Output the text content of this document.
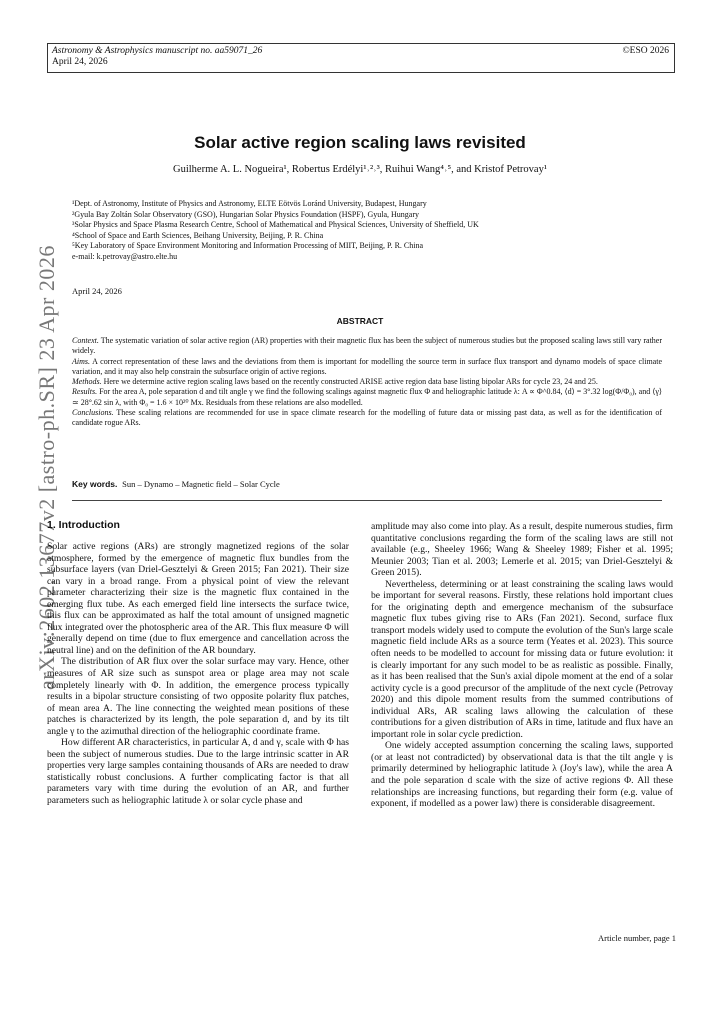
Astronomy & Astrophysics manuscript no. aa59071_26
April 24, 2026
©ESO 2026
arXiv:2602.13677v2 [astro-ph.SR] 23 Apr 2026
Solar active region scaling laws revisited
Guilherme A. L. Nogueira¹, Robertus Erdélyi¹˒²˒³, Ruihui Wang⁴˒⁵, and Kristof Petrovay¹
¹Dept. of Astronomy, Institute of Physics and Astronomy, ELTE Eötvös Loránd University, Budapest, Hungary
²Gyula Bay Zoltán Solar Observatory (GSO), Hungarian Solar Physics Foundation (HSPF), Gyula, Hungary
³Solar Physics and Space Plasma Research Centre, School of Mathematical and Physical Sciences, University of Sheffield, UK
⁴School of Space and Earth Sciences, Beihang University, Beijing, P. R. China
⁵Key Laboratory of Space Environment Monitoring and Information Processing of MIIT, Beijing, P. R. China
e-mail: k.petrovay@astro.elte.hu
April 24, 2026
ABSTRACT

Context. The systematic variation of solar active region (AR) properties with their magnetic flux has been the subject of numerous studies but the proposed scaling laws still vary rather widely.

Aims. A correct representation of these laws and the deviations from them is important for modelling the source term in surface flux transport and dynamo models of space climate variation, and it may also help constrain the subsurface origin of active regions.

Methods. Here we determine active region scaling laws based on the recently constructed ARISE active region data base listing bipolar ARs for cycle 23, 24 and 25.

Results. For the area A, pole separation d and tilt angle γ we find the following scalings against magnetic flux Φ and heliographic latitude λ: A ∝ Φ^0.84, ⟨d⟩ = 3°.32 log(Φ/Φ₀), and ⟨γ⟩ ≃ 28°.62 sin λ, with Φ₀ = 1.6 × 10²⁰ Mx. Residuals from these relations are also modelled.

Conclusions. These scaling relations are recommended for use in space climate research for the modelling of future data or missing past data, as well as for the identification of candidate rogue ARs.

Key words. Sun – Dynamo – Magnetic field – Solar Cycle
1. Introduction

Solar active regions (ARs) are strongly magnetized regions of the solar atmosphere, formed by the emergence of magnetic flux bundles from the subsurface layers (van Driel-Gesztelyi & Green 2015; Fan 2021). Their size can vary in a broad range. From a physical point of view the relevant parameter characterizing their size is the magnetic flux contained in the emerging flux tube. As each emerged field line intersects the surface twice, this flux can be approximated as half the total amount of unsigned magnetic flux integrated over the photospheric area of the AR. This flux measure Φ will generally depend on time (due to flux emergence and cancellation across the neutral line) and on the definition of the AR boundary.

The distribution of AR flux over the solar surface may vary. Hence, other measures of AR size such as sunspot area or plage area may not scale completely linearly with Φ. In addition, the emergence process typically results in a bipolar structure consisting of two opposite polarity flux patches, of mean area A. The line connecting the weighted mean positions of these patches is characterized by its length, the pole separation d, and by its tilt angle γ to the azimuthal direction of the heliographic coordinate frame.

How different AR characteristics, in particular A, d and γ, scale with Φ has been the subject of numerous studies. Due to the large intrinsic scatter in AR properties very large samples containing thousands of ARs are needed to draw statistically robust conclusions. A further complicating factor is that all parameters vary with time during the evolution of an AR, and further parameters such as heliographic latitude λ or solar cycle phase and

amplitude may also come into play. As a result, despite numerous studies, firm quantitative conclusions regarding the form of the scaling laws are still not available (e.g., Sheeley 1966; Wang & Sheeley 1989; Fisher et al. 1995; Meunier 2003; Tian et al. 2003; Lemerle et al. 2015; van Driel-Gesztelyi & Green 2015).

Nevertheless, determining or at least constraining the scaling laws would be important for several reasons. Firstly, these relations hold important clues for the originating depth and emergence mechanism of the subsurface magnetic flux tubes giving rise to ARs (Fan 2021). Second, surface flux transport models widely used to compute the evolution of the Sun's large scale magnetic field include ARs as a source term (Yeates et al. 2023). This source often needs to be modelled to account for missing data or future evolution: it is clearly important for any such model to be as realistic as possible. Finally, as it has been realised that the Sun's axial dipole moment at the end of a solar activity cycle is a good precursor of the amplitude of the next cycle (Petrovay 2020) and this dipole moment results from the summed contributions of individual ARs, AR scaling laws allowing the calculation of these contributions for a given distribution of ARs in time, latitude and flux have an important role in solar cycle prediction.

One widely accepted assumption concerning the scaling laws, supported (or at least not contradicted) by observational data is that the tilt angle γ is primarily determined by heliographic latitude λ (Joy's law), while the area A and the pole separation d scale with the size of active regions Φ. All these relationships are increasing functions, but regarding their form (e.g. value of exponent, if modelled as a power law) there is considerable disagreement.

Article number, page 1
